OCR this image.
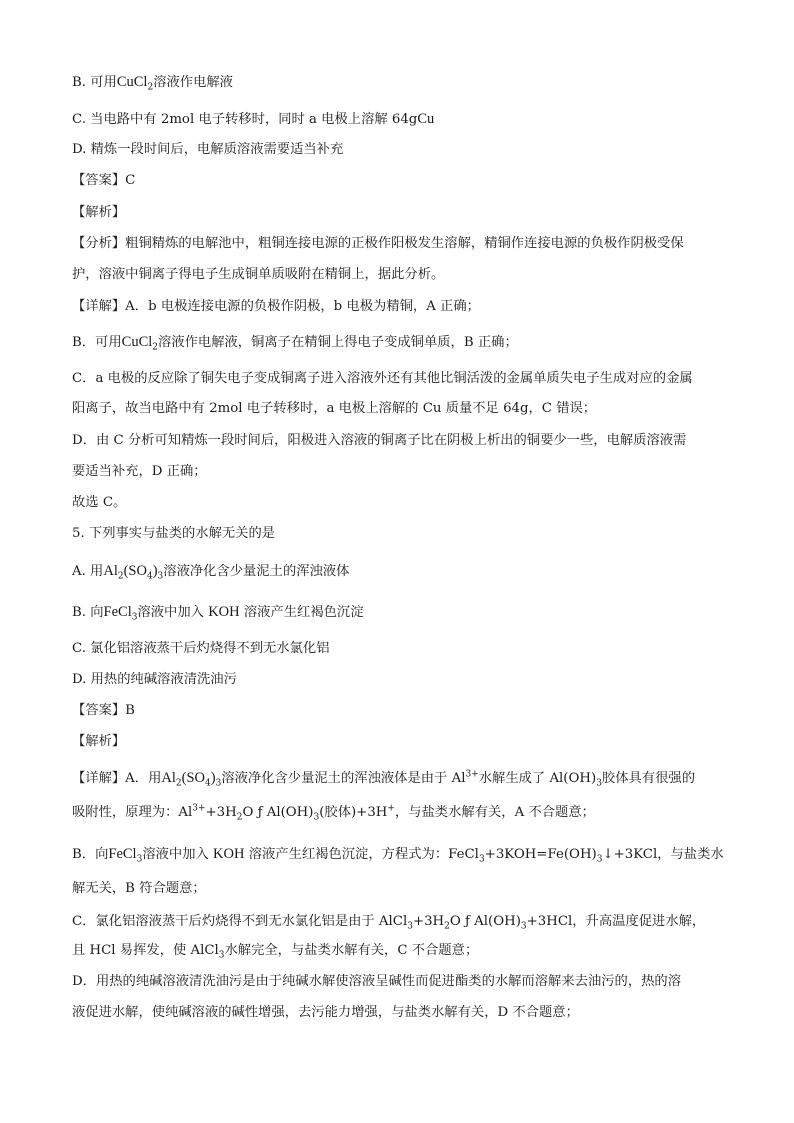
B. 可用CuCl$_2$溶液作电解液
C. 当电路中有 2mol 电子转移时，同时 a 电极上溶解 64gCu
D. 精炼一段时间后，电解质溶液需要适当补充
【答案】C
【解析】
【分析】粗铜精炼的电解池中，粗铜连接电源的正极作阳极发生溶解，精铜作连接电源的负极作阴极受保
护，溶液中铜离子得电子生成铜单质吸附在精铜上，据此分析。
【详解】A．b 电极连接电源的负极作阴极，b 电极为精铜，A 正确；
B．可用CuCl$_2$溶液作电解液，铜离子在精铜上得电子变成铜单质，B 正确；
C．a 电极的反应除了铜失电子变成铜离子进入溶液外还有其他比铜活泼的金属单质失电子生成对应的金属
阳离子，故当电路中有 2mol 电子转移时，a 电极上溶解的 Cu 质量不足 64g，C 错误；
D．由 C 分析可知精炼一段时间后，阳极进入溶液的铜离子比在阴极上析出的铜要少一些，电解质溶液需
要适当补充，D 正确；
故选 C。
5. 下列事实与盐类的水解无关的是
A. 用$Al_2(SO_4)_3$溶液净化含少量泥土的浑浊液体
B. 向FeCl$_3$溶液中加入 KOH 溶液产生红褐色沉淀
C. 氯化铝溶液蒸干后灼烧得不到无水氯化铝
D. 用热的纯碱溶液清洗油污
【答案】B
【解析】
【详解】A．用$Al_2(SO_4)_3$溶液净化含少量泥土的浑浊液体是由于 $Al^{3+}$水解生成了 $Al(OH)_3$胶体具有很强的
吸附性，原理为：$Al^{3+}+3H_2O$ ƒ $Al(OH)_3$(胶体)+3H+，与盐类水解有关，A 不合题意；
B．向FeCl$_3$溶液中加入 KOH 溶液产生红褐色沉淀，方程式为：$FeCl_3+3KOH=Fe(OH)_3↓+3KCl$，与盐类水
解无关，B 符合题意；
C．氯化铝溶液蒸干后灼烧得不到无水氯化铝是由于 $AlCl_3+3H_2O$ ƒ $Al(OH)_3+3HCl$，升高温度促进水解，
且 HCl 易挥发，使 AlCl$_3$水解完全，与盐类水解有关，C 不合题意；
D．用热的纯碱溶液清洗油污是由于纯碱水解使溶液呈碱性而促进酯类的水解而溶解来去油污的，热的溶
液促进水解，使纯碱溶液的碱性增强，去污能力增强，与盐类水解有关，D 不合题意；
